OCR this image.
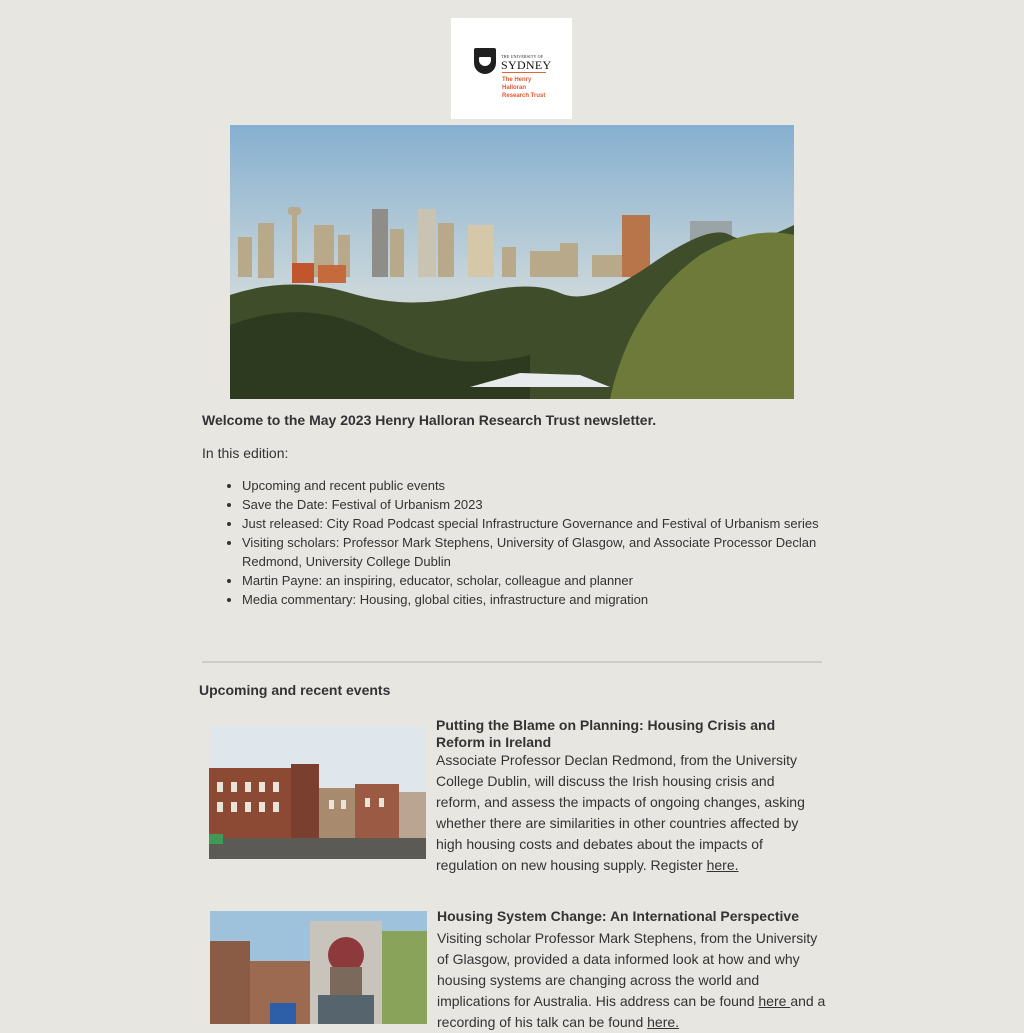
THE UNIVERSITY OF
SYDNEY
The Henry
Halloran
Research Trust
Welcome to the May 2023 Henry Halloran Research Trust newsletter.
In this edition:
• Upcoming and recent public events
• Save the Date: Festival of Urbanism 2023
• Just released: City Road Podcast special Infrastructure Governance and Festival of Urbanism series
• Visiting scholars: Professor Mark Stephens, University of Glasgow, and Associate Processor Declan Redmond, University College Dublin
• Martin Payne: an inspiring, educator, scholar, colleague and planner
• Media commentary: Housing, global cities, infrastructure and migration
Upcoming and recent events
Putting the Blame on Planning: Housing Crisis and Reform in Ireland
Associate Professor Declan Redmond, from the University College Dublin, will discuss the Irish housing crisis and reform, and assess the impacts of ongoing changes, asking whether there are similarities in other countries affected by high housing costs and debates about the impacts of regulation on new housing supply. Register here.
Housing System Change: An International Perspective
Visiting scholar Professor Mark Stephens, from the University of Glasgow, provided a data informed look at how and why housing systems are changing across the world and implications for Australia. His address can be found here and a recording of his talk can be found here.
